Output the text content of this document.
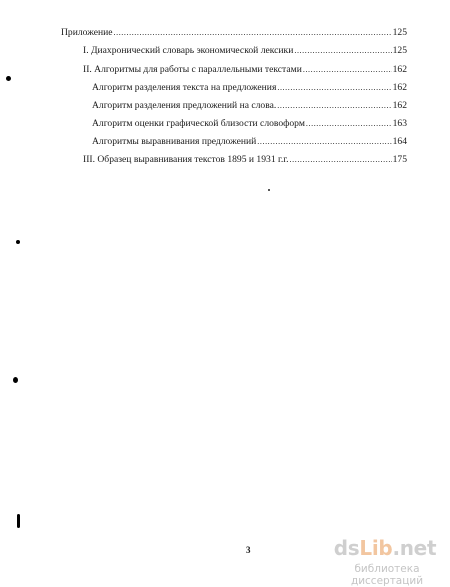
Приложение .....	125
I. Диахронический словарь экономической лексики .....	125
II. Алгоритмы для работы с параллельными текстами .....	162
Алгоритм разделения текста на предложения .....	162
Алгоритм разделения предложений на слова. .....	162
Алгоритм оценки графической близости словоформ .....	163
Алгоритмы выравнивания предложений .....	164
III. Образец выравнивания текстов 1895 и 1931 г.г. .....	175
3	dsLib.net
библиотека диссертаций
